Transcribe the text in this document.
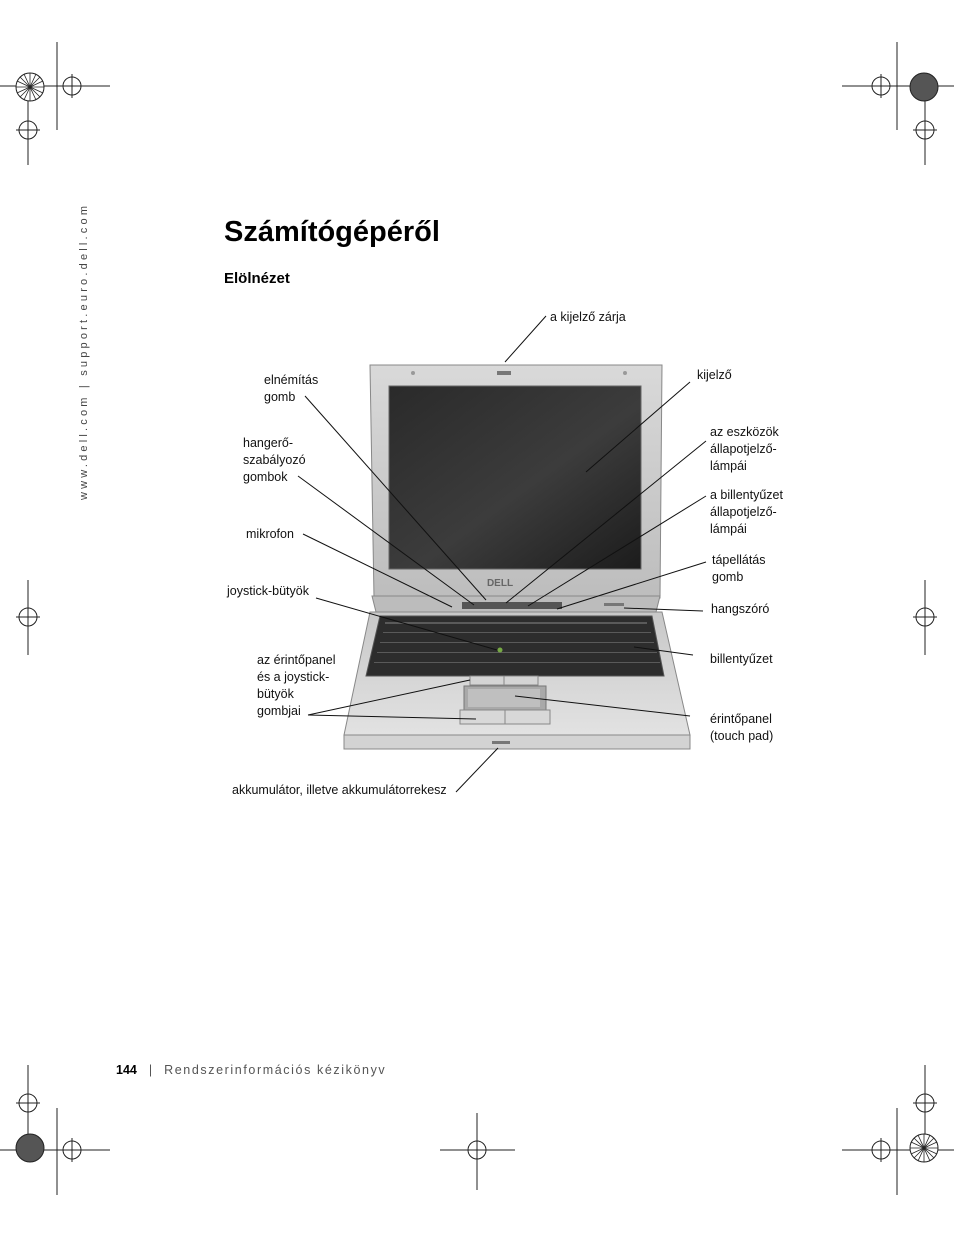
www.dell.com | support.euro.dell.com	Számítógépéről
Elölnézet
DELL
a kijelző zárja
elnémítás
gomb
hangerő-
szabályozó
gombok
mikrofon
joystick-bütyök
az érintőpanel
és a joystick-
bütyök
gombjai
akkumulátor, illetve akkumulátorrekesz
kijelző
az eszközök
állapotjelző-
lámpái
a billentyűzet
állapotjelző-
lámpái
tápellátás
gomb
hangszóró
billentyűzet
érintőpanel
(touch pad)
144 | Rendszerinformációs kézikönyv
